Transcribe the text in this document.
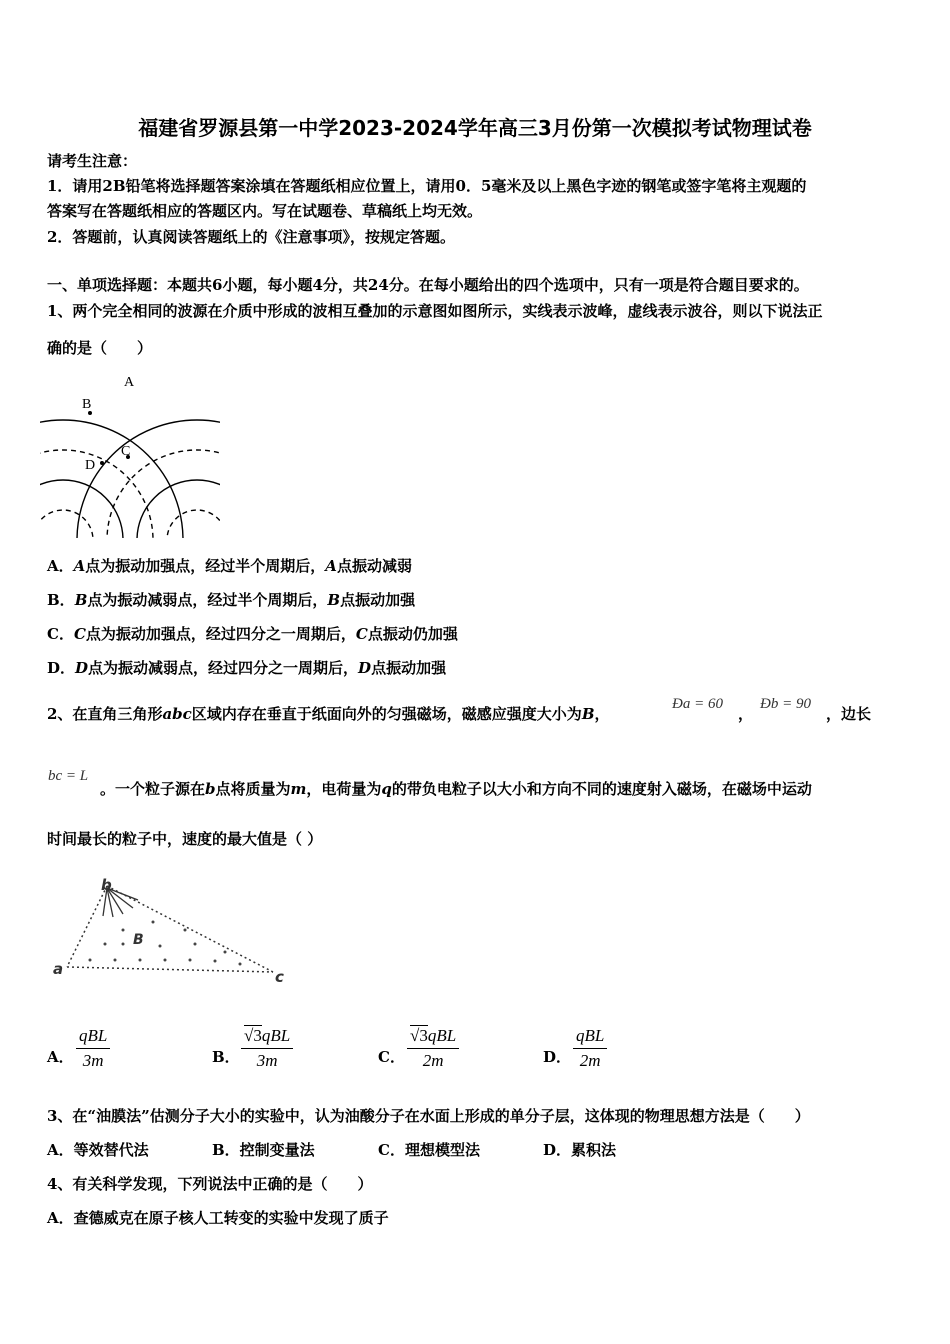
福建省罗源县第一中学2023-2024学年高三3月份第一次模拟考试物理试卷
请考生注意：
1．请用2B铅笔将选择题答案涂填在答题纸相应位置上，请用0．5毫米及以上黑色字迹的钢笔或签字笔将主观题的
答案写在答题纸相应的答题区内。写在试题卷、草稿纸上均无效。
2．答题前，认真阅读答题纸上的《注意事项》，按规定答题。
一、单项选择题：本题共6小题，每小题4分，共24分。在每小题给出的四个选项中，只有一项是符合题目要求的。
1、两个完全相同的波源在介质中形成的波相互叠加的示意图如图所示，实线表示波峰，虚线表示波谷，则以下说法正
确的是（　　）
A
B
C
D
A．A点为振动加强点，经过半个周期后，A点振动减弱
B．B点为振动减弱点，经过半个周期后，B点振动加强
C．C点为振动加强点，经过四分之一周期后，C点振动仍加强
D．D点为振动减弱点，经过四分之一周期后，D点振动加强
2、在直角三角形abc区域内存在垂直于纸面向外的匀强磁场，磁感应强度大小为B，
Ða = 60
，
Ðb = 90
，边长
bc = L
。一个粒子源在b点将质量为m，电荷量为q的带负电粒子以大小和方向不同的速度射入磁场，在磁场中运动
时间最长的粒子中，速度的最大值是（ ）
b
B
a	c
A．
qBL
3m	B．
√3qBL
3m	C．
√3qBL
2m	D．
qBL
2m
3、在“油膜法”估测分子大小的实验中，认为油酸分子在水面上形成的单分子层，这体现的物理思想方法是（　　）
A．等效替代法	B．控制变量法	C．理想模型法	D．累积法
4、有关科学发现，下列说法中正确的是（　　）
A．查德威克在原子核人工转变的实验中发现了质子
